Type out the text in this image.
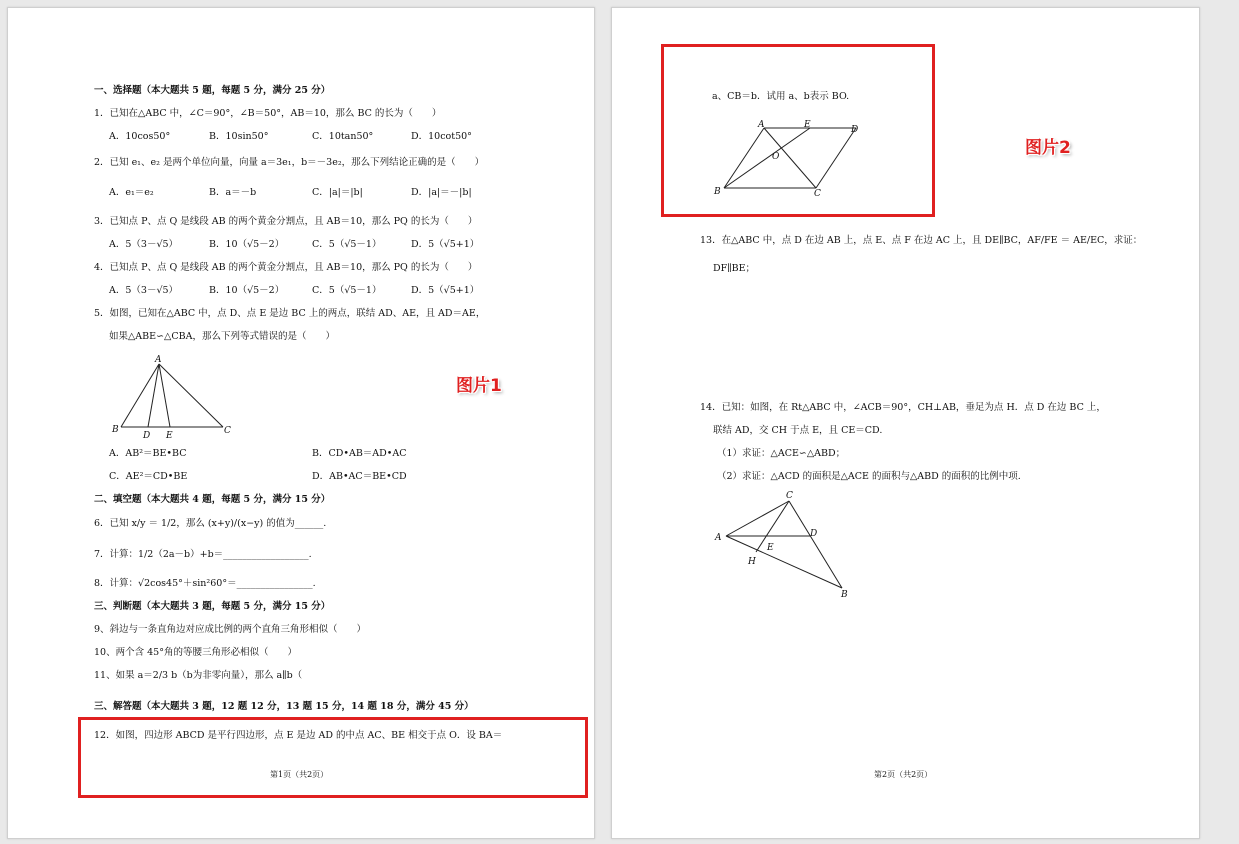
一、选择题（本大题共 5 题，每题 5 分，满分 25 分）
1．已知在△ABC 中，∠C＝90°，∠B＝50°，AB＝10，那么 BC 的长为（　　）
A．10cos50°	B．10sin50°	C．10tan50°	D．10cot50°
2．已知 e₁、e₂ 是两个单位向量，向量 a＝3e₁，b＝－3e₂，那么下列结论正确的是（　　）
A．e₁＝e₂	B．a＝－b	C．|a|＝|b|	D．|a|＝－|b|
3．已知点 P、点 Q 是线段 AB 的两个黄金分割点，且 AB＝10，那么 PQ 的长为（　　）
A．5（3－√5）	B．10（√5－2）	C．5（√5－1）	D．5（√5+1）
4．已知点 P、点 Q 是线段 AB 的两个黄金分割点，且 AB＝10，那么 PQ 的长为（　　）
A．5（3－√5）	B．10（√5－2）	C．5（√5－1）	D．5（√5+1）
5．如图，已知在△ABC 中，点 D、点 E 是边 BC 上的两点，联结 AD、AE，且 AD＝AE，
如果△ABE∽△CBA，那么下列等式错误的是（　　）
A
B
D E	C
A．AB²＝BE•BC	B．CD•AB＝AD•AC
C．AE²＝CD•BE	D．AB•AC＝BE•CD
二、填空题（本大题共 4 题，每题 5 分，满分 15 分）
6．已知 x/y ＝ 1/2，那么 (x+y)/(x−y) 的值为______.
7．计算：1/2（2a－b）+b＝__________________.
8．计算：√2cos45°＋sin²60°＝________________.
三、判断题（本大题共 3 题，每题 5 分，满分 15 分）
9、斜边与一条直角边对应成比例的两个直角三角形相似（　　）
10、两个含 45°角的等腰三角形必相似（　　）
11、如果 a＝2/3 b（b为非零向量），那么 a∥b（
三、解答题（本大题共 3 题，12 题 12 分，13 题 15 分，14 题 18 分，满分 45 分）
12．如图，四边形 ABCD 是平行四边形，点 E 是边 AD 的中点 AC、BE 相交于点 O．设 BA＝
第1页（共2页）
a、CB＝b．试用 a、b表示 BO.
A	E	D
O
B	C
13．在△ABC 中，点 D 在边 AB 上，点 E、点 F 在边 AC 上，且 DE∥BC，AF/FE ＝ AE/EC，求证：
DF∥BE；
14．已知：如图，在 Rt△ABC 中，∠ACB＝90°，CH⊥AB，垂足为点 H．点 D 在边 BC 上，
联结 AD，交 CH 于点 E，且 CE＝CD.
（1）求证：△ACE∽△ABD；
（2）求证：△ACD 的面积是△ACE 的面积与△ABD 的面积的比例中项.
C
A	D
E
H
B
第2页（共2页）
图片1
图片2
